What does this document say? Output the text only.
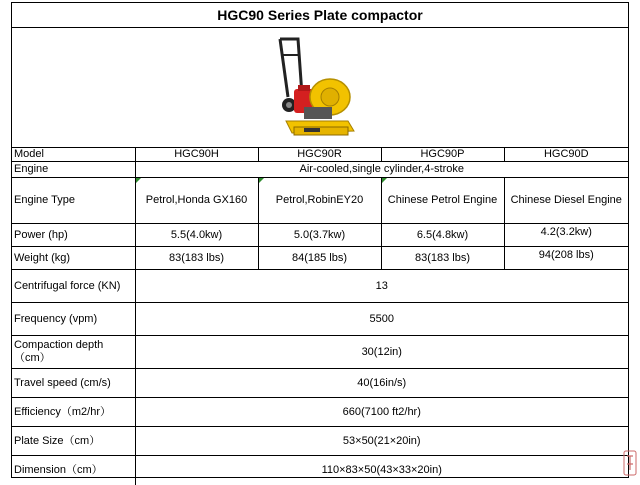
HGC90 Series Plate compactor
Model	HGC90H	HGC90R	HGC90P	HGC90D
Engine	Air-cooled,single cylinder,4-stroke			
Engine Type	Petrol,Honda GX160	Petrol,RobinEY20	Chinese Petrol Engine	Chinese Diesel Engine
Power (hp)	5.5(4.0kw)	5.0(3.7kw)	6.5(4.8kw)	4.2(3.2kw)
Weight (kg)	83(183 lbs)	84(185 lbs)	83(183 lbs)	94(208 lbs)
Centrifugal force (KN)	13			
Frequency (vpm)	5500			
Compaction depth （cm）	30(12in)			
Travel speed (cm/s)	40(16in/s)			
Efficiency（m2/hr）	660(7100 ft2/hr)			
Plate Size（cm）	53×50(21×20in)			
Dimension（cm）	110×83×50(43×33×20in)			
